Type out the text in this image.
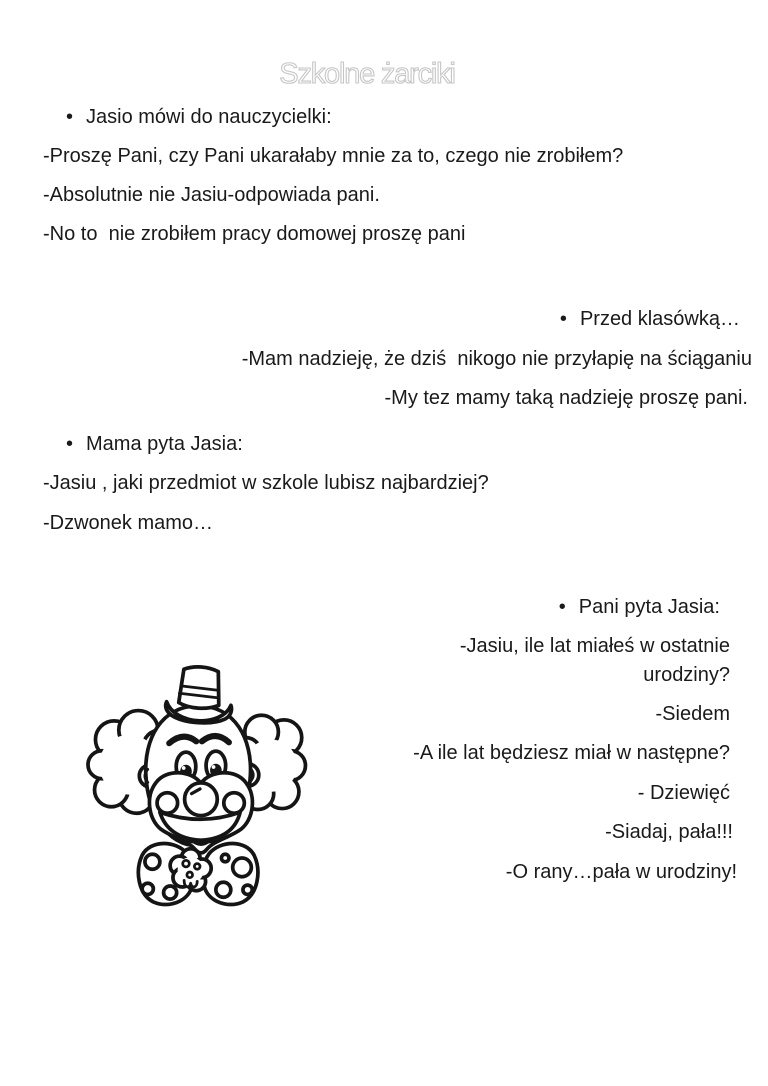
Szkolne żarciki
• Jasio mówi do nauczycielki:
-Proszę Pani, czy Pani ukarałaby mnie za to, czego nie zrobiłem?
-Absolutnie nie Jasiu-odpowiada pani.
-No to  nie zrobiłem pracy domowej proszę pani
• Przed klasówką…
-Mam nadzieję, że dziś  nikogo nie przyłapię na ściąganiu
-My tez mamy taką nadzieję proszę pani.
• Mama pyta Jasia:
-Jasiu , jaki przedmiot w szkole lubisz najbardziej?
-Dzwonek mamo…
• Pani pyta Jasia:
-Jasiu, ile lat miałeś w ostatnie
urodziny?
-Siedem
-A ile lat będziesz miał w następne?
- Dziewięć
-Siadaj, pała!!!
-O rany…pała w urodziny!
